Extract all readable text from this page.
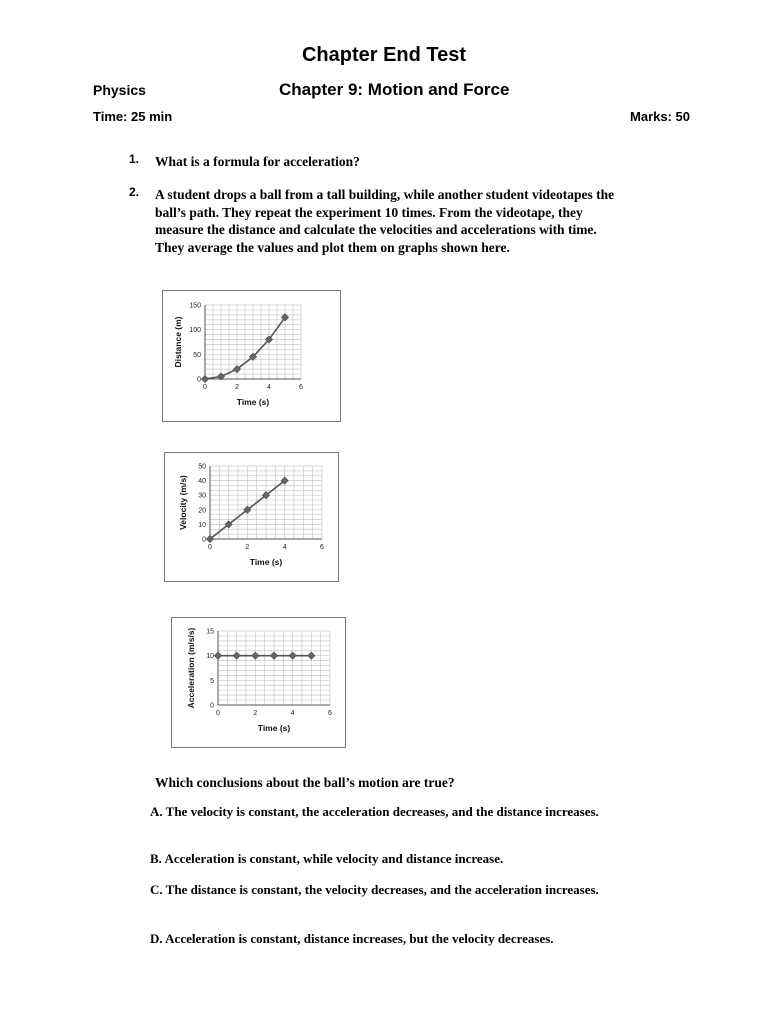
Chapter End Test
Physics	Chapter 9: Motion and Force
Time: 25 min	Marks: 50
1. What is a formula for acceleration?
2. A student drops a ball from a tall building, while another student videotapes the ball’s path. They repeat the experiment 10 times. From the videotape, they measure the distance and calculate the velocities and accelerations with time. They average the values and plot them on graphs shown here.
0	2	4	6
0
50
100
150
Time (s)
Distance (m)
0	2	4	6
0
10
20
30
40
50
Time (s)
Velocity (m/s)
0	2	4	6
0
5
10
15
Time (s)
Acceleration (m/s/s)
Which conclusions about the ball’s motion are true?
A. The velocity is constant, the acceleration decreases, and the distance increases.
B. Acceleration is constant, while velocity and distance increase.
C. The distance is constant, the velocity decreases, and the acceleration increases.
D. Acceleration is constant, distance increases, but the velocity decreases.
